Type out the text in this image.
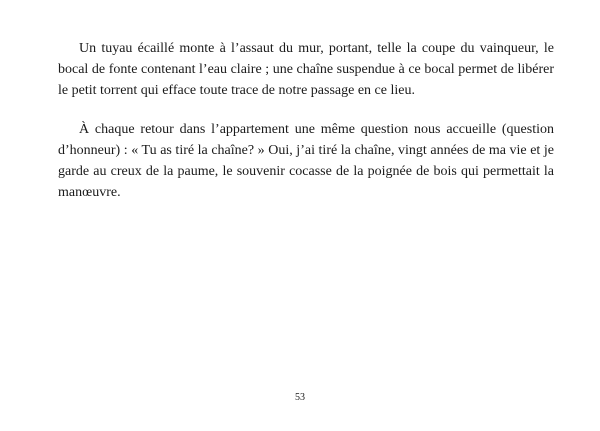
Un tuyau écaillé monte à l’assaut du mur, portant, telle la coupe du vainqueur, le bocal de fonte contenant l’eau claire ; une chaîne suspendue à ce bocal permet de libérer le petit torrent qui efface toute trace de notre passage en ce lieu.

À chaque retour dans l’appartement une même question nous accueille (question d’honneur) : « Tu as tiré la chaîne? » Oui, j’ai tiré la chaîne, vingt années de ma vie et je garde au creux de la paume, le souvenir cocasse de la poignée de bois qui permettait la manœuvre.

53
